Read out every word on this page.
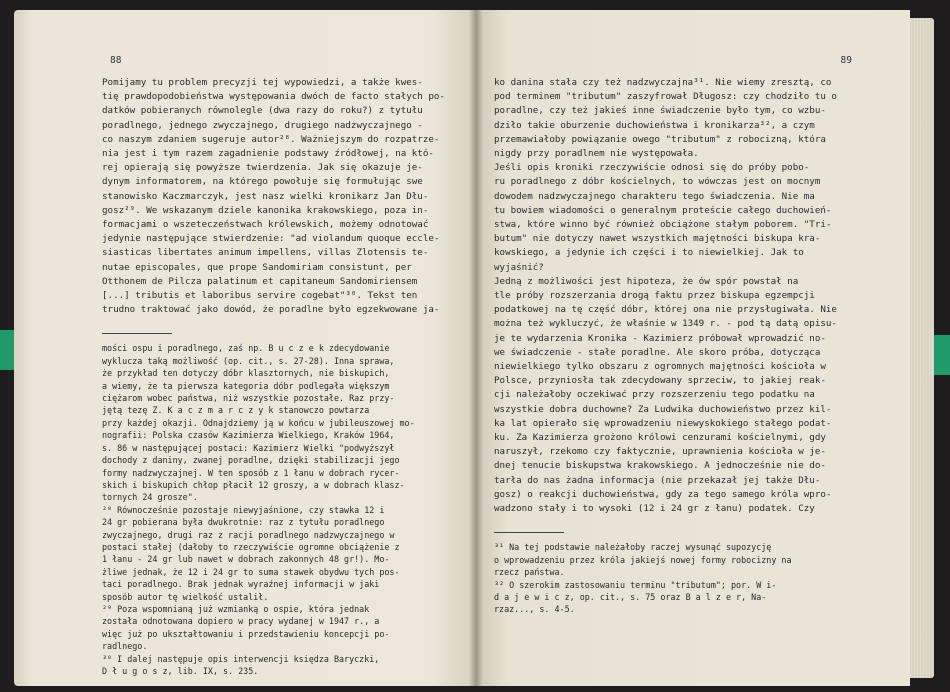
88
Pomijamy tu problem precyzji tej wypowiedzi, a także kwes-
tię prawdopodobieństwa występowania dwóch de facto stałych po-
datków pobieranych równolegle (dwa razy do roku?) z tytułu
poradlnego, jednego zwyczajnego, drugiego nadzwyczajnego -
co naszym zdaniem sugeruje autor²⁸. Ważniejszym do rozpatrze-
nia jest i tym razem zagadnienie podstawy źródłowej, na któ-
rej opierają się powyższe twierdzenia. Jak się okazuje je-
dynym informatorem, na którego powołuje się formułując swe
stanowisko Kaczmarczyk, jest nasz wielki kronikarz Jan Dłu-
gosz²⁹. We wskazanym dziele kanonika krakowskiego, poza in-
formacjami o wszeteczeństwach królewskich, możemy odnotować
jedynie następujące stwierdzenie: "ad violandum quoque eccle-
siasticas libertates animum impellens, villas Zlotensis te-
nutae episcopales, que prope Sandomiriam consistunt, per
Otthonem de Pilcza palatinum et capitaneum Sandomiriensem
[...] tributis et laboribus servire cogebat"³⁰. Tekst ten
trudno traktować jako dowód, że poradlne było egzekwowane ja-
mości ospu i poradlnego, zaś np. B u c z e k zdecydowanie
wyklucza taką możliwość (op. cit., s. 27-28). Inna sprawa,
że przykład ten dotyczy dóbr klasztornych, nie biskupich,
a wiemy, że ta pierwsza kategoria dóbr podlegała większym
ciężarom wobec państwa, niż wszystkie pozostałe. Raz przy-
jętą tezę Z. K a c z m a r c z y k stanowczo powtarza
przy każdej okazji. Odnajdziemy ją w końcu w jubileuszowej mo-
nografii: Polska czasów Kazimierza Wielkiego, Kraków 1964,
s. 86 w następującej postaci: Kazimierz Wielki "podwyższył
dochody z daniny, zwanej poradlne, dzięki stabilizacji jego
formy nadzwyczajnej. W ten sposób z 1 łanu w dobrach rycer-
skich i biskupich chłop płacił 12 groszy, a w dobrach klasz-
tornych 24 grosze".
²⁸ Równocześnie pozostaje niewyjaśnione, czy stawka 12 i
24 gr pobierana była dwukrotnie: raz z tytułu poradlnego
zwyczajnego, drugi raz z racji poradlnego nadzwyczajnego w
postaci stałej (dałoby to rzeczywiście ogromne obciążenie z
1 łanu - 24 gr lub nawet w dobrach zakonnych 48 gr!). Mo-
żliwe jednak, że 12 i 24 gr to suma stawek obydwu tych pos-
taci poradlnego. Brak jednak wyraźnej informacji w jaki
sposób autor tę wielkość ustalił.
²⁹ Poza wspomnianą już wzmianką o ospie, która jednak
została odnotowana dopiero w pracy wydanej w 1947 r., a
więc już po ukształtowaniu i przedstawieniu koncepcji po-
radlnego.
³⁰ I dalej następuje opis interwencji księdza Baryczki,
D ł u g o s z, lib. IX, s. 235.
89
ko danina stała czy też nadzwyczajna³¹. Nie wiemy zresztą, co
pod terminem "tributum" zaszyfrował Długosz: czy chodziło tu o
poradlne, czy też jakieś inne świadczenie było tym, co wzbu-
dziło takie oburzenie duchowieństwa i kronikarza³², a czym
przemawiałoby powiązanie owego "tributum" z robocizną, która
nigdy przy poradlnem nie występowała.
Jeśli opis kroniki rzeczywiście odnosi się do próby pobo-
ru poradlnego z dóbr kościelnych, to wówczas jest on mocnym
dowodem nadzwyczajnego charakteru tego świadczenia. Nie ma
tu bowiem wiadomości o generalnym proteście całego duchowień-
stwa, które winno być również obciążone stałym poborem. "Tri-
butum" nie dotyczy nawet wszystkich majętności biskupa kra-
kowskiego, a jedynie ich części i to niewielkiej. Jak to
wyjaśnić?
Jedną z możliwości jest hipoteza, że ów spór powstał na
tle próby rozszerzania drogą faktu przez biskupa egzempcji
podatkowej na tę część dóbr, której ona nie przysługiwała. Nie
można też wykluczyć, że właśnie w 1349 r. - pod tą datą opisu-
je te wydarzenia Kronika - Kazimierz próbował wprowadzić no-
we świadczenie - stałe poradlne. Ale skoro próba, dotycząca
niewielkiego tylko obszaru z ogromnych majętności kościoła w
Polsce, przyniosła tak zdecydowany sprzeciw, to jakiej reak-
cji należałoby oczekiwać przy rozszerzeniu tego podatku na
wszystkie dobra duchowne? Za Ludwika duchowieństwo przez kil-
ka lat opierało się wprowadzeniu niewyskokiego stałego podat-
ku. Za Kazimierza grożono królowi cenzurami kościelnymi, gdy
naruszył, rzekomo czy faktycznie, uprawnienia kościoła w je-
dnej tenucie biskupstwa krakowskiego. A jednocześnie nie do-
tarła do nas żadna informacja (nie przekazał jej także Dłu-
gosz) o reakcji duchowieństwa, gdy za tego samego króla wpro-
wadzono stały i to wysoki (12 i 24 gr z łanu) podatek. Czy
³¹ Na tej podstawie należałoby raczej wysunąć supozycję
o wprowadzeniu przez króla jakiejś nowej formy robocizny na
rzecz państwa.
³² O szerokim zastosowaniu terminu "tributum"; por. W i-
d a j e w i c z, op. cit., s. 75 oraz B a l z e r, Na-
rzaz..., s. 4-5.
